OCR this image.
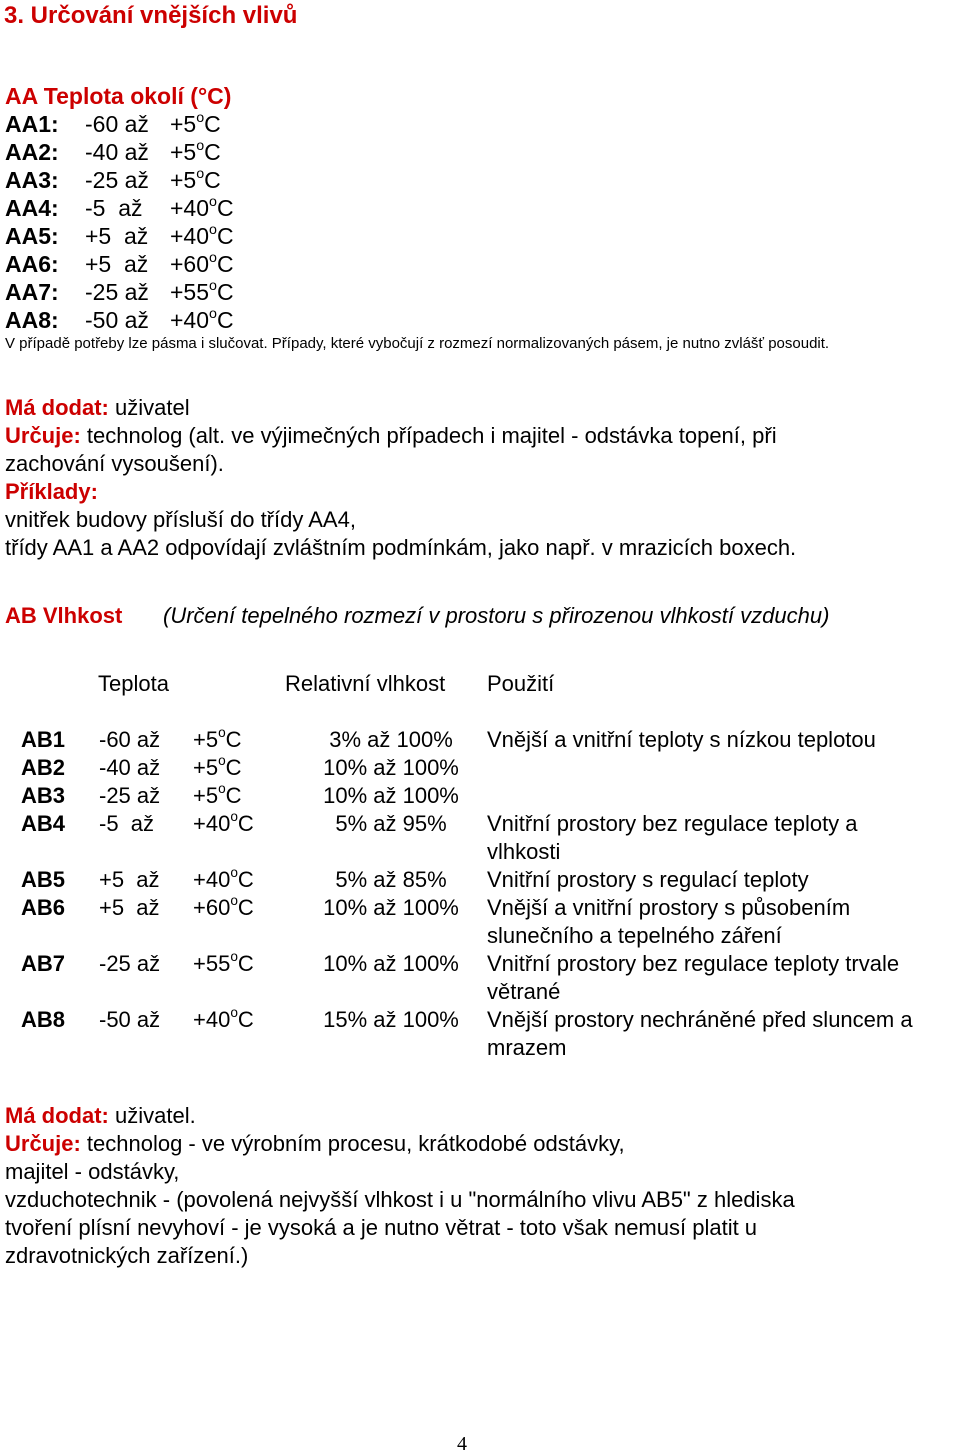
3. Určování vnějších vlivů
AA Teplota okolí (°C)
AA1:	-60 až $+5^oC$
AA2:	-40 až $+5^oC$
AA3:	-25 až $+5^oC$
AA4:	-5  až $+40^oC$
AA5:	+5  až $+40^oC$
AA6:	+5  až $+60^oC$
AA7:	-25 až $+55^oC$
AA8:	-50 až $+40^oC$
V případě potřeby lze pásma i slučovat. Případy, které vybočují z rozmezí normalizovaných pásem, je nutno zvlášť posoudit.
Má dodat: uživatel
Určuje: technolog (alt. ve výjimečných případech i majitel - odstávka topení, při
zachování vysoušení).
Příklady:
vnitřek budovy přísluší do třídy AA4,
třídy AA1 a AA2 odpovídají zvláštním podmínkám, jako např. v mrazicích boxech.
AB Vlhkost (Určení tepelného rozmezí v prostoru s přirozenou vlhkostí vzduchu)
Teplota	Relativní vlhkost Použití
AB1 -60 až $+5^oC$	3% až 100%	Vnější a vnitřní teploty s nízkou teplotou
AB2 -40 až $+5^oC$	10% až 100%
AB3 -25 až $+5^oC$	10% až 100%
AB4 -5  až $+40^oC$	5% až 95%	Vnitřní prostory bez regulace teploty a
vlhkosti
AB5 +5  až $+40^oC$	5% až 85%	Vnitřní prostory s regulací teploty
AB6 +5  až $+60^oC$	10% až 100%	Vnější a vnitřní prostory s působením
slunečního a tepelného záření
AB7 -25 až $+55^oC$	10% až 100%	Vnitřní prostory bez regulace teploty trvale
větrané
AB8 -50 až $+40^oC$	15% až 100%	Vnější prostory nechráněné před sluncem a
mrazem
Má dodat: uživatel.
Určuje: technolog - ve výrobním procesu, krátkodobé odstávky,
majitel - odstávky,
vzduchotechnik - (povolená nejvyšší vlhkost i u "normálního vlivu AB5" z hlediska
tvoření plísní nevyhoví - je vysoká a je nutno větrat - toto však nemusí platit u
zdravotnických zařízení.)
4
